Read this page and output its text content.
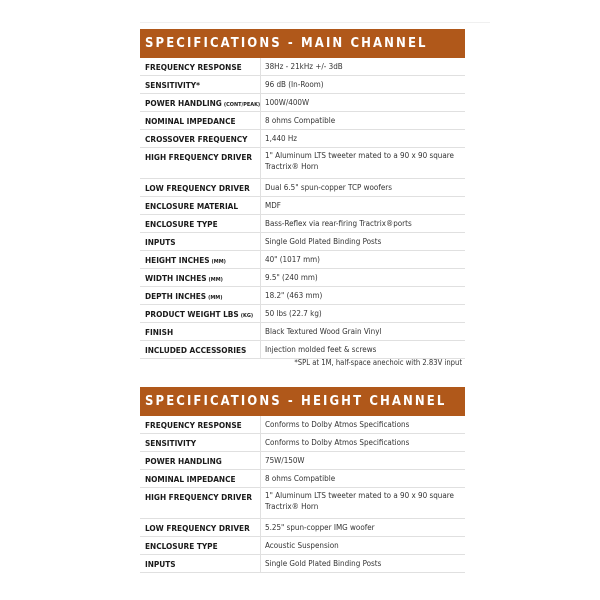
SPECIFICATIONS - MAIN CHANNEL
FREQUENCY RESPONSE	38Hz - 21kHz +/- 3dB
SENSITIVITY*	96 dB (In-Room)
POWER HANDLING (CONT/PEAK) 100W/400W
NOMINAL IMPEDANCE	8 ohms Compatible
CROSSOVER FREQUENCY	1,440 Hz
HIGH FREQUENCY DRIVER	1" Aluminum LTS tweeter mated to a 90 x 90 square Tractrix® Horn
LOW FREQUENCY DRIVER	Dual 6.5" spun-copper TCP woofers
ENCLOSURE MATERIAL	MDF
ENCLOSURE TYPE	Bass-Reflex via rear-firing Tractrix®ports
INPUTS	Single Gold Plated Binding Posts
HEIGHT INCHES (MM)	40" (1017 mm)
WIDTH INCHES (MM)	9.5" (240 mm)
DEPTH INCHES (MM)	18.2" (463 mm)
PRODUCT WEIGHT LBS (KG)	50 lbs (22.7 kg)
FINISH	Black Textured Wood Grain Vinyl
INCLUDED ACCESSORIES	Injection molded feet & screws
*SPL at 1M, half-space anechoic with 2.83V input
SPECIFICATIONS - HEIGHT CHANNEL
FREQUENCY RESPONSE	Conforms to Dolby Atmos Specifications
SENSITIVITY	Conforms to Dolby Atmos Specifications
POWER HANDLING	75W/150W
NOMINAL IMPEDANCE	8 ohms Compatible
HIGH FREQUENCY DRIVER	1" Aluminum LTS tweeter mated to a 90 x 90 square Tractrix® Horn
LOW FREQUENCY DRIVER	5.25" spun-copper IMG woofer
ENCLOSURE TYPE	Acoustic Suspension
INPUTS	Single Gold Plated Binding Posts
